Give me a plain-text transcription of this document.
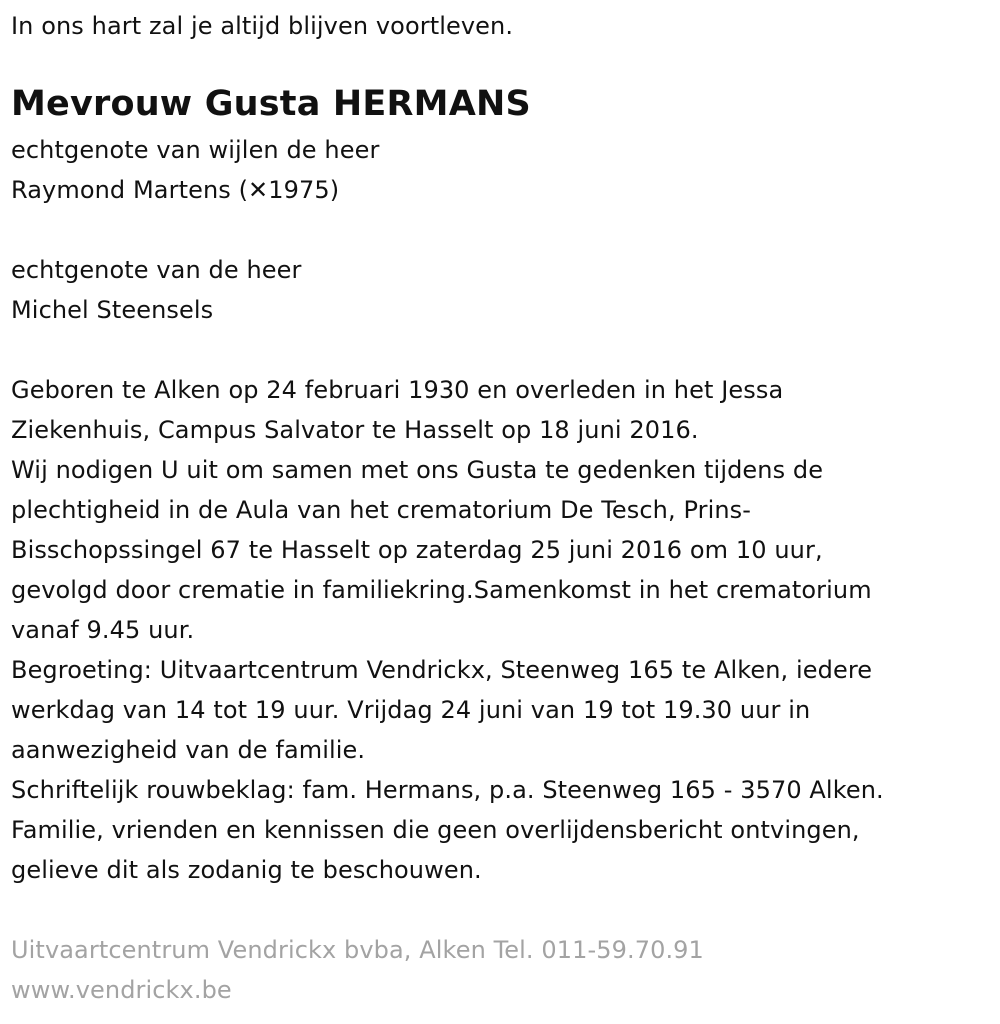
In ons hart zal je altijd blijven voortleven.
Mevrouw Gusta HERMANS
echtgenote van wijlen de heer
Raymond Martens (✕1975)
echtgenote van de heer
Michel Steensels
Geboren te Alken op 24 februari 1930 en overleden in het Jessa
Ziekenhuis, Campus Salvator te Hasselt op 18 juni 2016.
Wij nodigen U uit om samen met ons Gusta te gedenken tijdens de
plechtigheid in de Aula van het crematorium De Tesch, Prins-
Bisschopssingel 67 te Hasselt op zaterdag 25 juni 2016 om 10 uur,
gevolgd door crematie in familiekring.Samenkomst in het crematorium
vanaf 9.45 uur.
Begroeting: Uitvaartcentrum Vendrickx, Steenweg 165 te Alken, iedere
werkdag van 14 tot 19 uur. Vrijdag 24 juni van 19 tot 19.30 uur in
aanwezigheid van de familie.
Schriftelijk rouwbeklag: fam. Hermans, p.a. Steenweg 165 - 3570 Alken.
Familie, vrienden en kennissen die geen overlijdensbericht ontvingen,
gelieve dit als zodanig te beschouwen.
Uitvaartcentrum Vendrickx bvba, Alken Tel. 011-59.70.91
www.vendrickx.be
